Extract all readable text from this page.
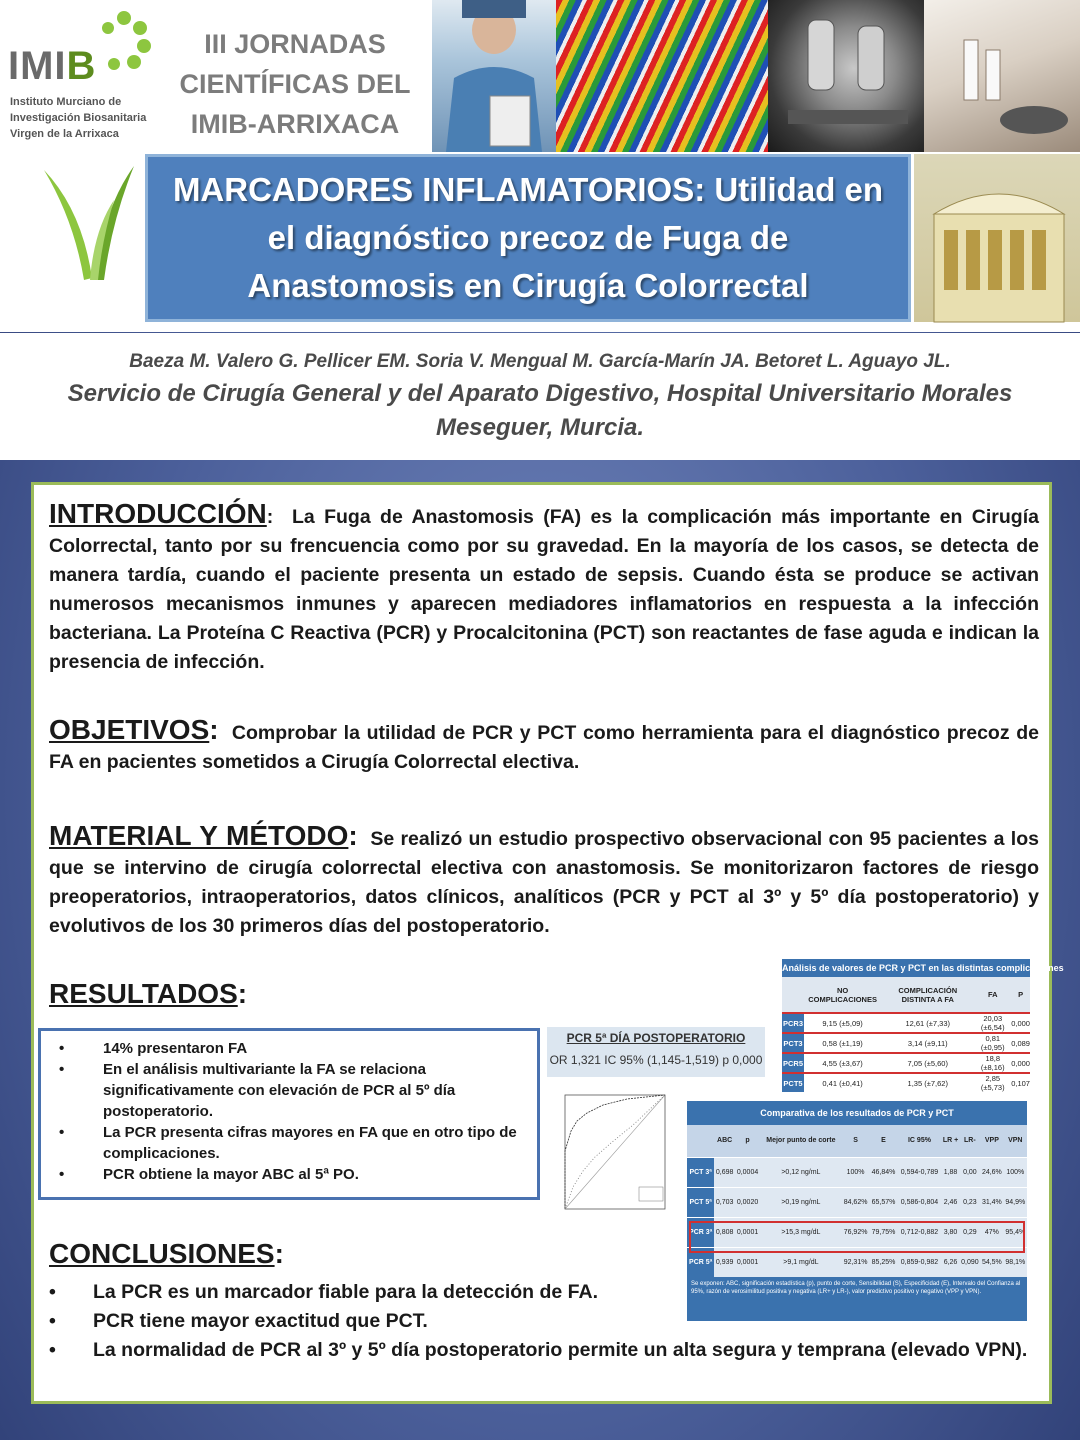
IMIB
Instituto Murciano de
Investigación Biosanitaria
Virgen de la Arrixaca
III JORNADAS CIENTÍFICAS DEL IMIB-ARRIXACA
MARCADORES INFLAMATORIOS: Utilidad en el diagnóstico precoz de Fuga de Anastomosis en Cirugía Colorrectal
Baeza M. Valero G. Pellicer EM. Soria V. Mengual M. García-Marín JA. Betoret L. Aguayo JL.
Servicio de Cirugía General y del Aparato Digestivo, Hospital Universitario Morales Meseguer, Murcia.
INTRODUCCIÓN:  La Fuga de Anastomosis (FA) es la complicación más importante en Cirugía Colorrectal, tanto por su frencuencia como por su gravedad. En la mayoría de los casos, se detecta de manera tardía, cuando el paciente presenta un estado de sepsis. Cuando ésta se produce se activan numerosos mecanismos inmunes y aparecen mediadores inflamatorios en respuesta a la infección bacteriana. La Proteína C Reactiva (PCR) y Procalcitonina (PCT) son reactantes de fase aguda e indican la presencia de infección.
OBJETIVOS: Comprobar la utilidad de PCR y PCT como herramienta para el diagnóstico precoz de FA en pacientes sometidos a Cirugía Colorrectal electiva.
MATERIAL Y MÉTODO: Se realizó un estudio prospectivo observacional con 95 pacientes a los que se intervino de cirugía colorrectal electiva con anastomosis. Se monitorizaron factores de riesgo preoperatorios, intraoperatorios, datos clínicos, analíticos (PCR y PCT al 3º y 5º día postoperatorio) y evolutivos de los 30 primeros días del postoperatorio.
RESULTADOS:
•	14% presentaron FA
•	En el análisis multivariante la FA se relaciona significativamente con elevación de PCR al 5º día postoperatorio.
•	La PCR presenta cifras mayores en FA que en otro tipo de complicaciones.
•	PCR obtiene la mayor ABC al 5ª PO.
PCR 5ª DÍA POSTOPERATORIO
OR 1,321 IC 95% (1,145-1,519) p 0,000
Análisis de valores de PCR y PCT en las distintas complicaciones
	NO COMPLICACIONES	COMPLICACIÓN DISTINTA A FA	FA	P
PCR3	9,15 (±5,09)	12,61 (±7,33)	20,03 (±6,54)	0,000
PCT3	0,58 (±1,19)	3,14 (±9,11)	0,81 (±0,95)	0,089
PCR5	4,55 (±3,67)	7,05 (±5,60)	18,8 (±8,16)	0,000
PCT5	0,41 (±0,41)	1,35 (±7,62)	2,85 (±5,73)	0,107
Comparativa de los resultados de PCR y PCT
	ABC	p	Mejor punto de corte	S	E	IC 95%	LR +	LR-	VPP	VPN
PCT 3ª	0,698	0,0004	>0,12 ng/mL	100%	46,84%	0,594-0,789	1,88	0,00	24,6%	100%
PCT 5ª	0,703	0,0020	>0,19 ng/mL	84,62%	65,57%	0,586-0,804	2,46	0,23	31,4%	94,9%
PCR 3ª	0,808	0,0001	>15,3 mg/dL	76,92%	79,75%	0,712-0,882	3,80	0,29	47%	95,4%
PCR 5ª	0,939	0,0001	>9,1 mg/dL	92,31%	85,25%	0,859-0,982	6,26	0,090	54,5%	98,1%
Se exponen: ABC, significación estadística (p), punto de corte, Sensibilidad (S), Especificidad (E), Intervalo del Confianza al 95%, razón de verosimilitud positiva y negativa (LR+ y LR-), valor predictivo positivo y negativo (VPP y VPN).
CONCLUSIONES:
•	La PCR es un marcador fiable para la detección de FA.
•	PCR tiene mayor exactitud que PCT.
•	La normalidad de PCR al 3º y 5º día postoperatorio permite un alta segura y temprana (elevado VPN).
